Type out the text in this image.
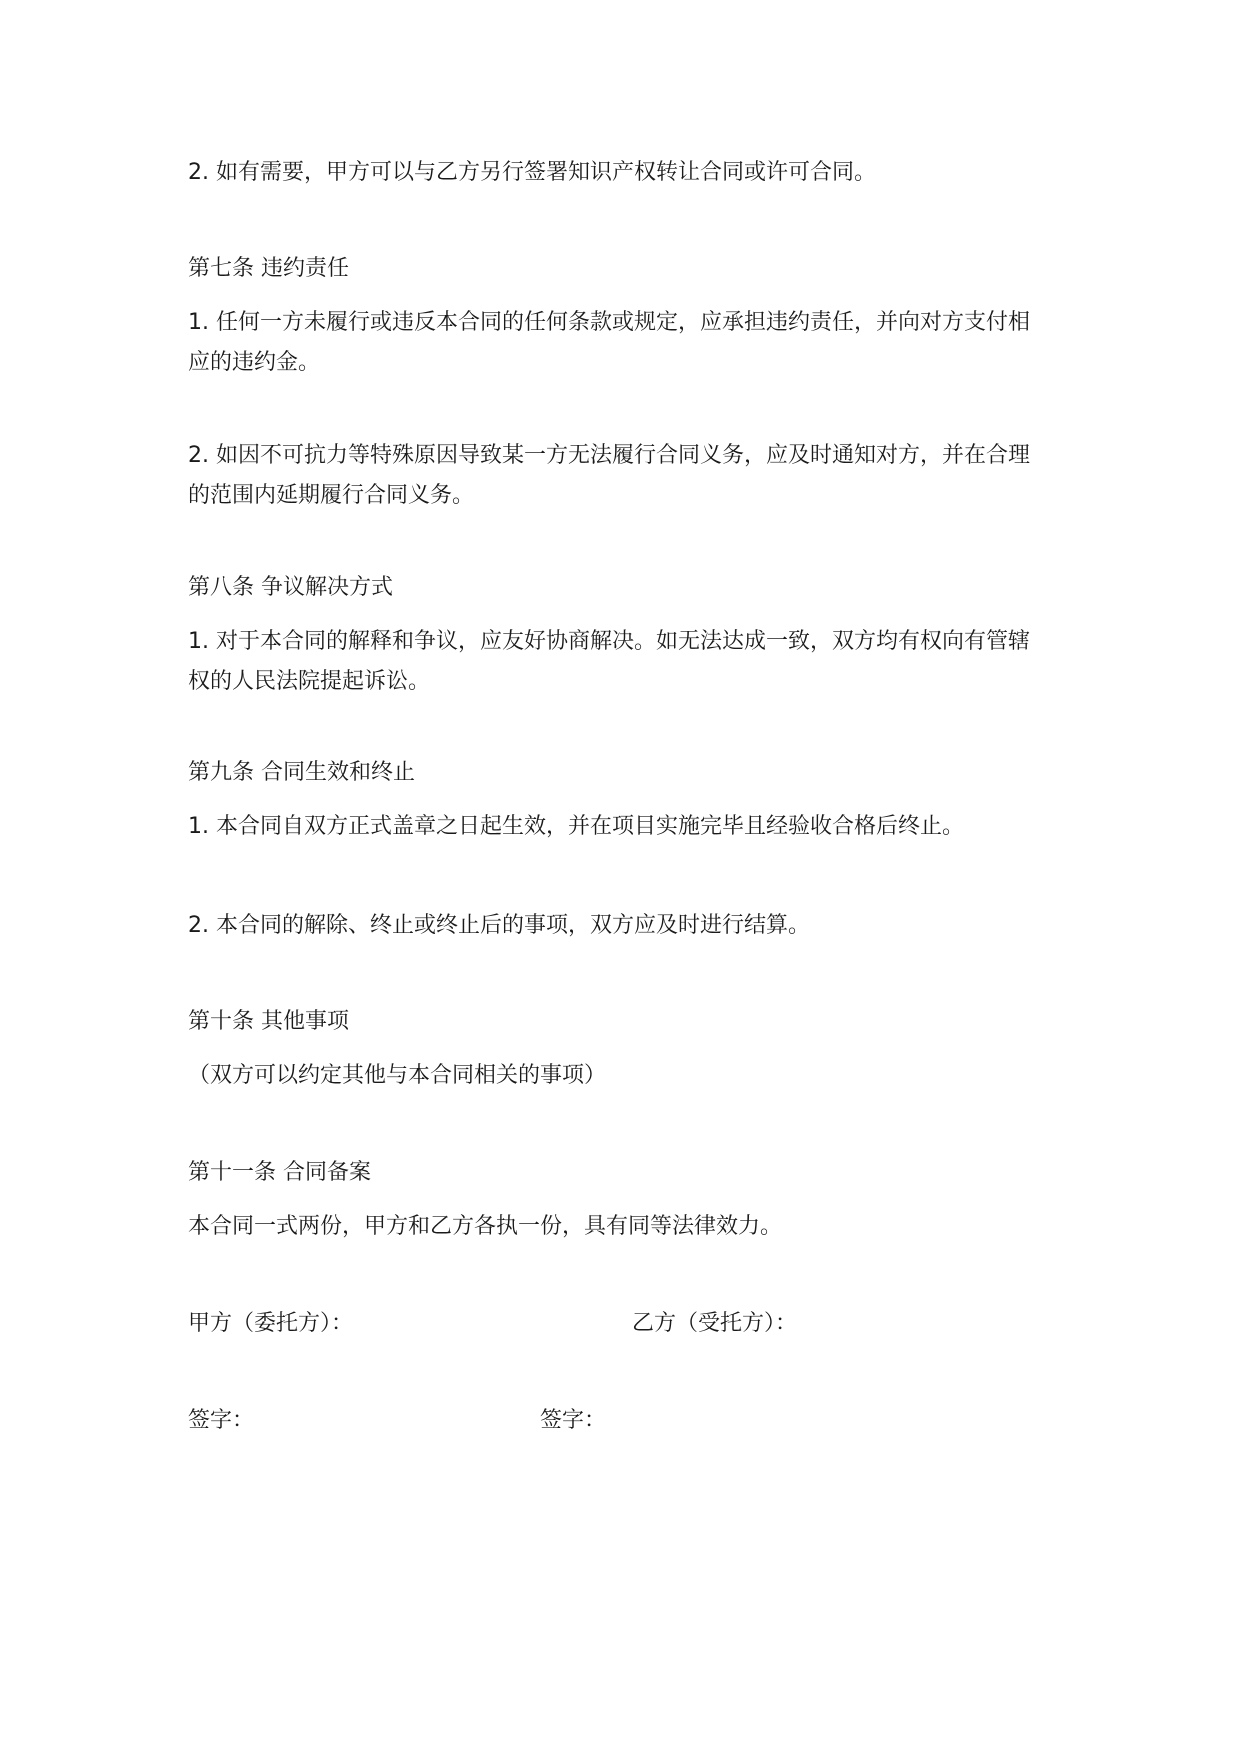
2. 如有需要，甲方可以与乙方另行签署知识产权转让合同或许可合同。
第七条 违约责任
1. 任何一方未履行或违反本合同的任何条款或规定，应承担违约责任，并向对方支付相应的违约金。
2. 如因不可抗力等特殊原因导致某一方无法履行合同义务，应及时通知对方，并在合理的范围内延期履行合同义务。
第八条 争议解决方式
1. 对于本合同的解释和争议，应友好协商解决。如无法达成一致，双方均有权向有管辖权的人民法院提起诉讼。
第九条 合同生效和终止
1. 本合同自双方正式盖章之日起生效，并在项目实施完毕且经验收合格后终止。
2. 本合同的解除、终止或终止后的事项，双方应及时进行结算。
第十条 其他事项
（双方可以约定其他与本合同相关的事项）
第十一条 合同备案
本合同一式两份，甲方和乙方各执一份，具有同等法律效力。
甲方（委托方）：	乙方（受托方）：
签字：	签字：
